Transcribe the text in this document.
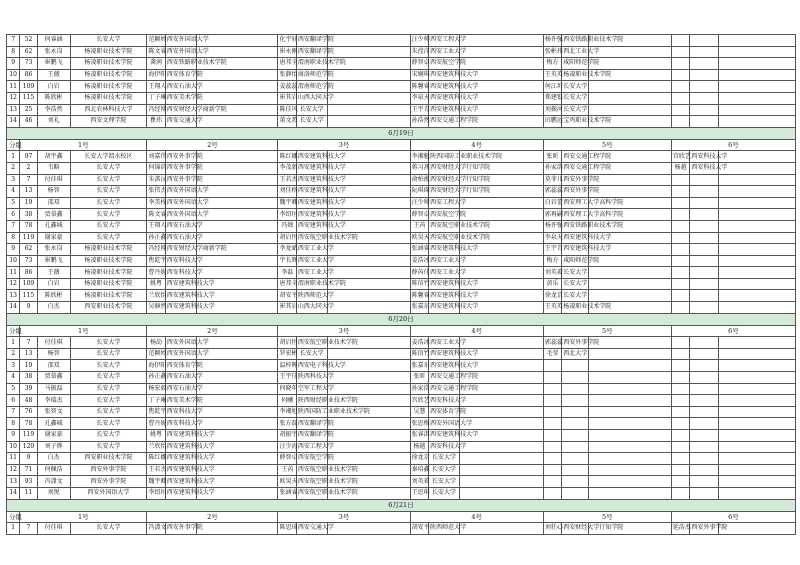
7	52	何睿涵	长安大学	范颖婷	西安外国语大学		化宇轩	西安翻译学院		汪少帅	西安工程大学		杨许强	西安铁路职业技术学院				
8	62	张永岗	杨凌职业技术学院	陈文睿	西安外国语大学		崔永刚	西安翻译学院		朱滢洋	西安工业大学		张彬玮	西北工业大学				
9	73	崔鹏飞	杨凌职业技术学院	龚润	西安铁路职业技术学院		唐邦全	渭南职业技术学院		薛智卓	西安航空学院		梅方	咸阳师范学院				
10	86	王薇	杨凌职业技术学院	海伊阳	西安体育学院		张静怡	商洛师范学院		宋娴琪	西安建筑科技大学		王英英	杨凌职业技术学院				
11	109	白岩	杨凌职业技术学院	王翔人	西安石油大学		姜蕊蕊	渭南师范学院		陈馨睿	西安建筑科技大学		何江圻	长安大学				
12	115	陈欣彬	杨凌职业技术学院	丁子琳	西安美术学院		崔其岩	山西大同大学		李泉天	西安建筑科技大学		郑建锟	长安大学				
13	25	李浩然	西北农林科技大学	冯经博	西安财经大学商新学院		陈佳风	长安大学		王宇青	西安建筑科技大学		刘振河	长安大学				
14	46	刘礼	西安文理学院	瞿玮	西安交通大学		董文盈	长安大学		孙浩然	西安交通工程学院		田鹏远	宝鸡职业技术学院				
6月19日																		
分组	1号			2号			3号			4号			5号			6号		
1	97	胡宇鑫	长安大学渭水校区	刘嘉伟	西安外事学院		陈红娜	西安建筑科技大学		李湘魁	陕西国防工业职业技术学院		张昕	西安交通工程学院		宫欣艺	西安科技大学	
2	2	韦略	长安大学	何锦浩	西安外事学院		李茂新	西安建筑科技大学		蒋习燕	西安财经大学行知学院		孙家浩	西安交通工程学院		杨越	西安科技大学	
3	7	付佳琪	长安大学	朱淇沅	西安外事学院		王若杰	西安建筑科技大学		俞柏淞	西安财经大学行知学院		莫菲儿	西安外事学院				
4	13	杨智	长安大学	张伟杰	西安外国语大学		刘佳格	西安建筑科技大学		阮琪琛	西安财经大学行知学院		郭蕊蕊	西安外事学院				
5	19	邵双	长安大学	李美栈	西安外国语大学		魏宇卿	西安建筑科技大学		汪少帅	西安工程大学		白岩蕾	西安理工大学高科学院				
6	38	贾慕鑫	长安大学	陈文睿	西安外国语大学		李绍垣	西安建筑科技大学		薛智卓	西安航空学院		郭再嗣	西安理工大学高科学院				
7	78	孔鑫城	长安大学	王翔人	西安石油大学		冯婵	西安建筑科技大学		王芮	西安航空职业技术学院		杨许强	西安铁路职业技术学院				
8	119	谢家豪	长安大学	孙正鑫	西安石油大学		胡启恒	西安航空职业技术学院		欧昊天	西安航空职业技术学院		李泉天	西安建筑科技大学				
9	62	张永岗	杨凌职业技术学院	冯经博	西安财经大学商新学院		李龙斌	西安工业大学		张涵睿	西安建筑科技大学		王宇青	西安建筑科技大学				
10	73	崔鹏飞	杨凌职业技术学院	焦乾宇	西安科技大学		宇长辉	西安工业大学		姜浩冰	西安工业大学		梅方	咸阳师范学院				
11	86	王薇	杨凌职业技术学院	曹丹妮	西安科技大学		李磊	西安工业大学		薛芮佳	西安工业大学		刘英着	长安大学				
12	109	白岩	杨凌职业技术学院	姚粤	西安建筑科技大学		唐邦全	渭南职业技术学院		陈信竹	西安建筑科技大学		黄乐	长安大学				
13	115	陈欣彬	杨凌职业技术学院	兰欣怡	西安建筑科技大学		胡安平	陕西师范大学		陈馨睿	西安建筑科技大学		徐龙京	长安大学				
14	9	白杰	西安职业技术学院	吴赫然	西安建筑科技大学		崔其岩	山西大同大学		张嘉东	西安建筑科技大学		王英英	杨凌职业技术学院				
6月20日																		
分组	1号			2号			3号			4号			5号			6号		
1	7	付佳琪	长安大学	杨劼	西安外国语大学		胡启恒	西安航空职业技术学院		姜浩冰	西安工业大学		郭蕊蕊	西安外事学院				
2	13	杨智	长安大学	范颖婷	西安外国语大学		罗宏彬	长安大学		陈信竹	西安建筑科技大学		毛莹	西北大学				
3	19	邵双	长安大学	海伊阳	西安体育学院		温梓晖	西安电子科技大学		张嘉东	西安建筑科技大学							
4	38	贾慕鑫	长安大学	孙正鑫	西安石油大学		王宇佳	陕西科技大学		张昕	西安交通工程学院							
5	39	马振磊	长安大学	杨宏毅	西安石油大学		何晓年	空军工程大学		孙家浩	西安交通工程学院							
6	48	李瑞杰	长安大学	丁子琳	西安美术学院		何曦	陕西财经职业技术学院		宫欣艺	西安科技大学							
7	76	张智文	长安大学	焦乾宇	西安科技大学		李湘旭	陕西国防工业职业技术学院		吴慧	西安体育学院							
8	78	孔鑫城	长安大学	曹丹妮	西安科技大学		张方磊	西安翻译学院		张思梅	西安外国语大学							
9	119	谢家豪	长安大学	姚粤	西安建筑科技大学		胡振宇	西安翻译学院		张睿淇	西安建筑科技大学							
10	120	刘子烨	长安大学	兰欣怡	西安建筑科技大学		汪少海	西安工程大学		杨越	西安科技大学							
11	9	白杰	西安职业技术学院	陈红娜	西安建筑科技大学		薛智卓	西安航空学院		徐龙京	长安大学							
12	71	何佩浩	西安外事学院	王若杰	西安建筑科技大学		王芮	西安航空职业技术学院		秦培鑫	长安大学							
13	93	冯潇文	西安外事学院	魏宇卿	西安建筑科技大学		欧昊天	西安航空职业技术学院		刘英着	长安大学							
14	11	刘悦	西安外国语大学	李绍垣	西安建筑科技大学		张涵睿	西安航空职业技术学院		王思琪	长安大学							
6月21日																		
分组	1号			2号			3号			4号			5号			6号		
1	7	付佳琪	长安大学	冯潇文	西安外事学院		陈思琦	西安交通大学		胡安平	陕西师范大学		刘狂心	西安财经大学行知学院		延浩杰	西安外事学院	
